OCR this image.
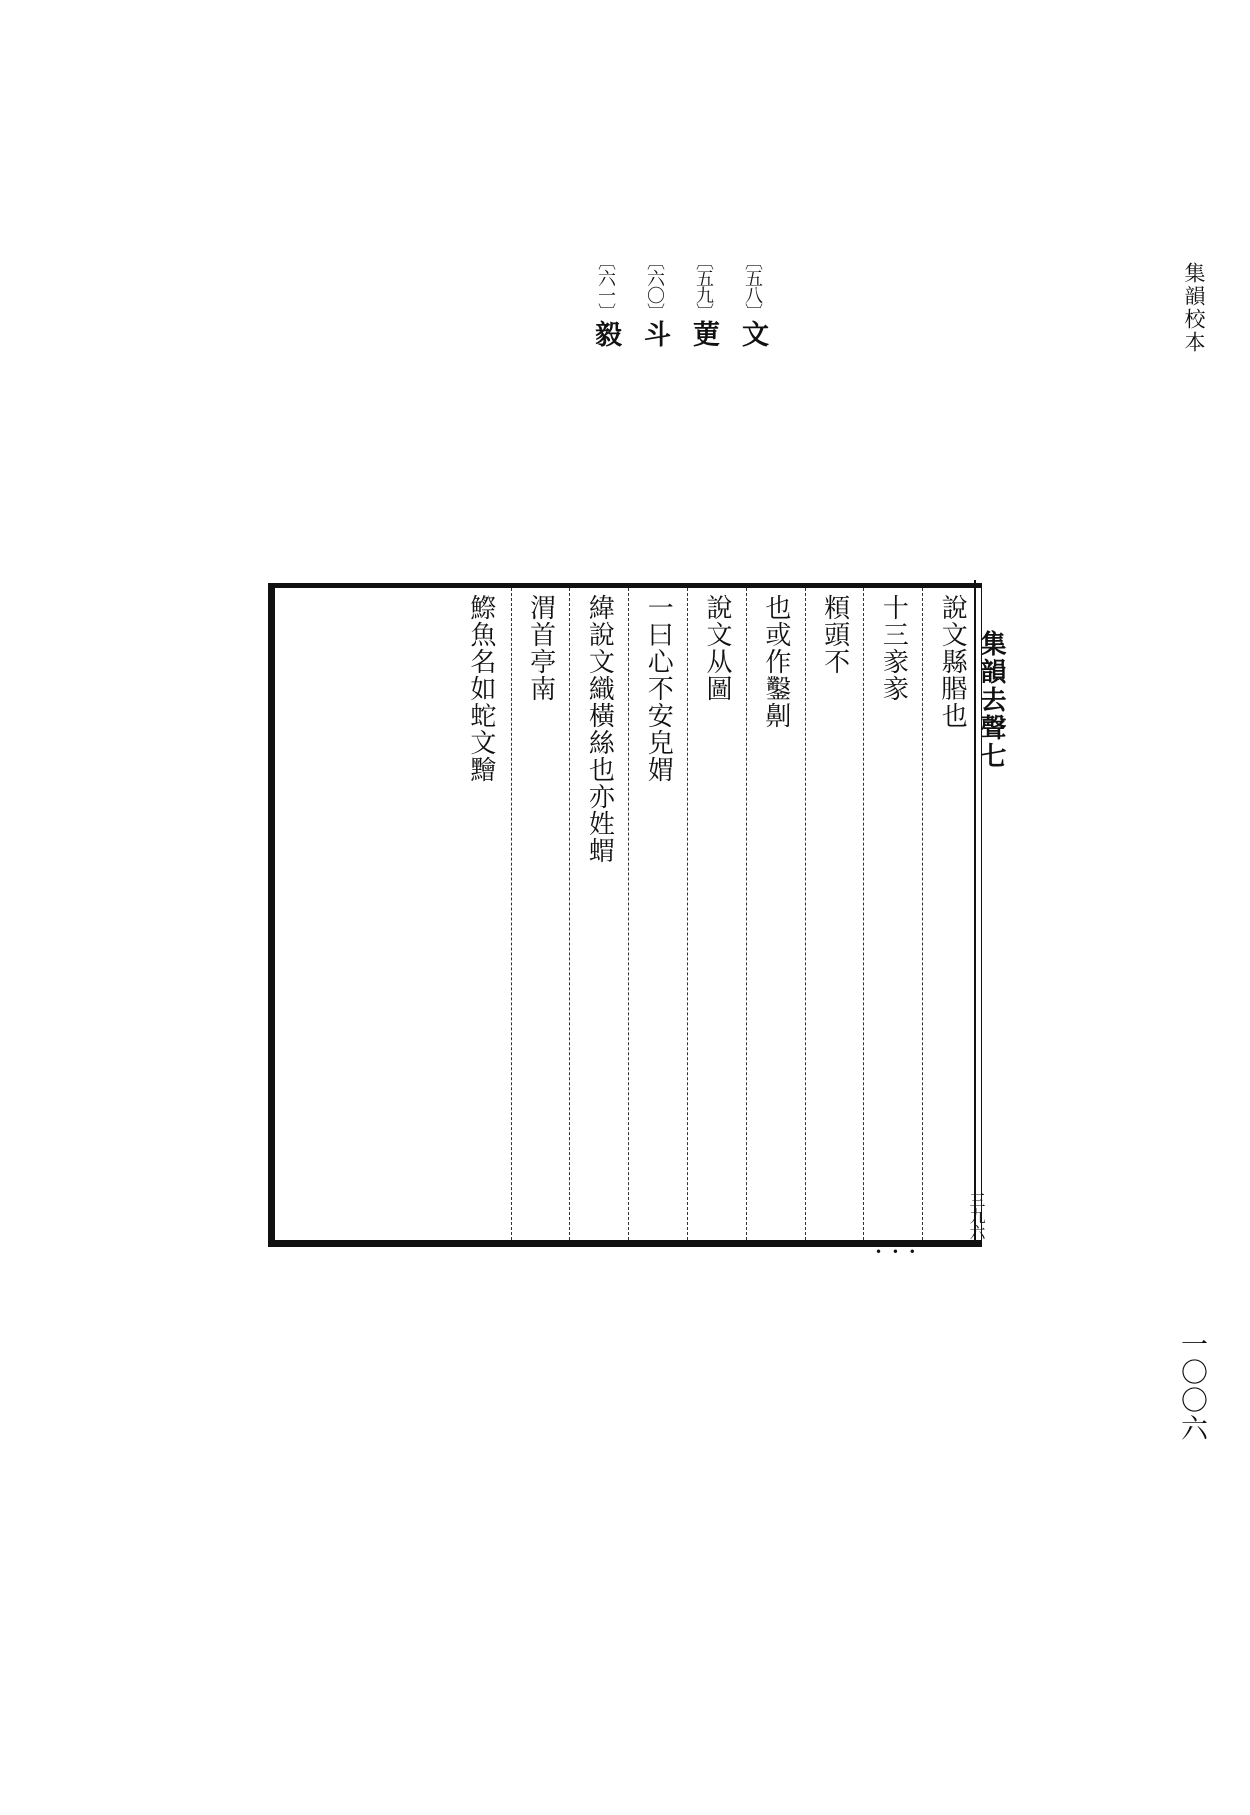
集韻校本
〔五八〕文
〔五九〕莄
〔六〇〕斗
〔六一〕毅
說文縣𦝮也
十三豙豙
頪頭不
也或作鑿劓
說文从圖
一曰心不安皃媦
緯說文織橫絲也亦姓蝟
渭首亭南
鰶魚名如蛇文䵳	集韻去聲七
三九六
• • •
一〇〇六
